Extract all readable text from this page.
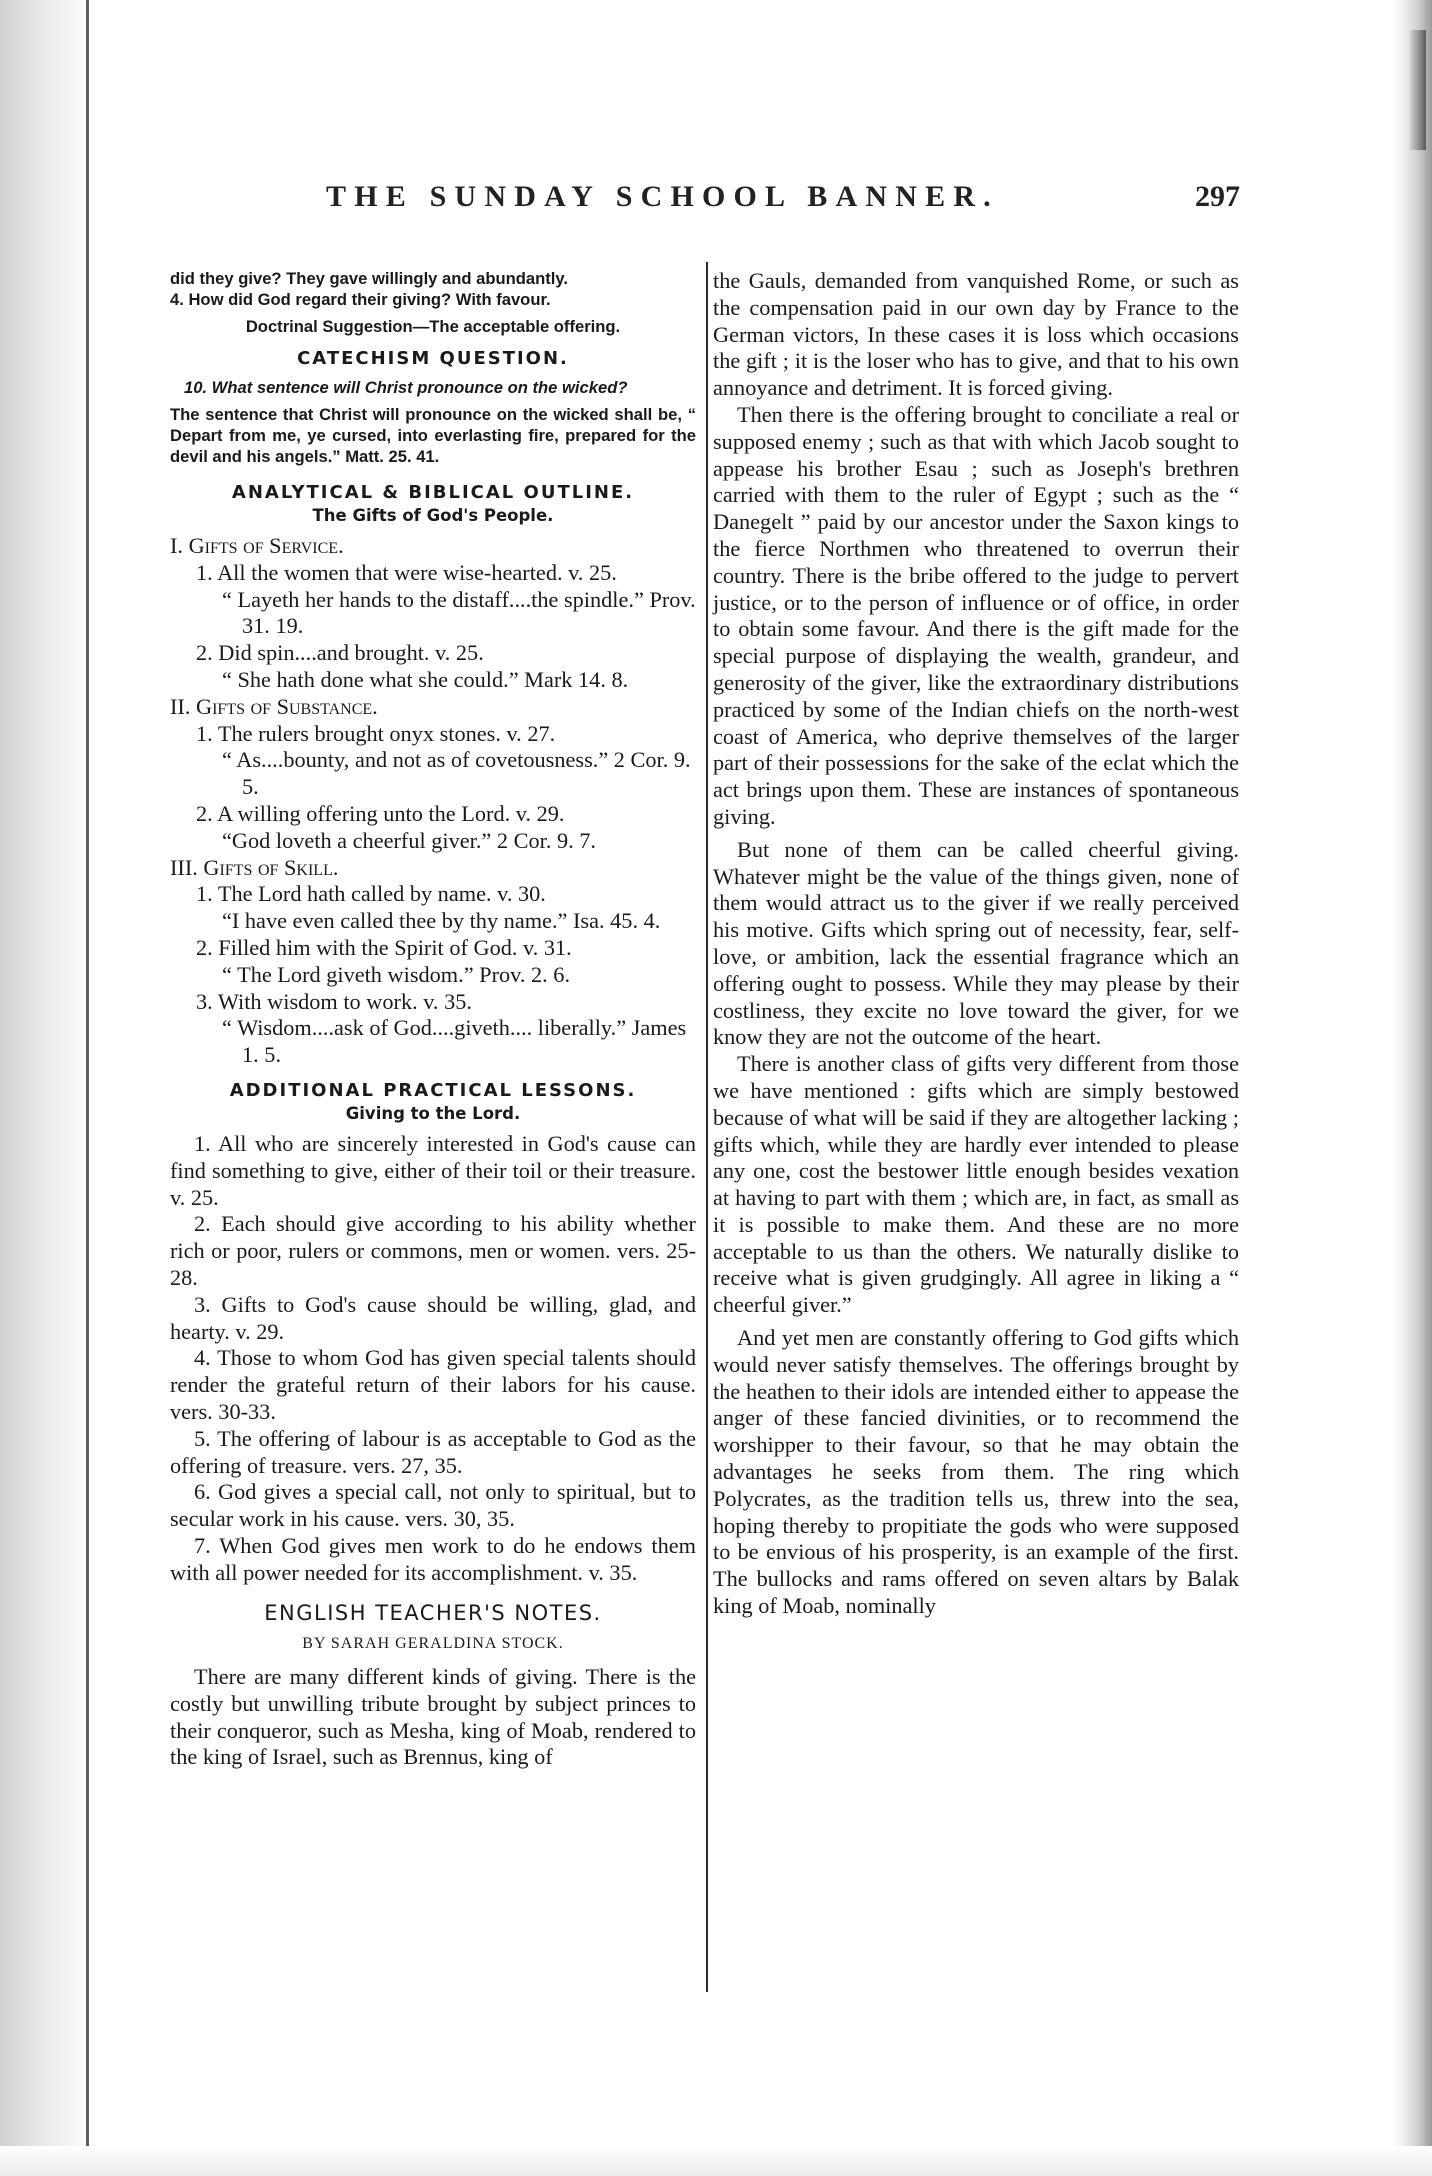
THE SUNDAY SCHOOL BANNER.	297

did they give? They gave willingly and abundantly.

4. How did God regard their giving? With favour.

Doctrinal Suggestion—The acceptable offering.

CATECHISM QUESTION.

10. What sentence will Christ pronounce on the wicked?

The sentence that Christ will pronounce on the wicked shall be, “ Depart from me, ye cursed, into everlasting fire, prepared for the devil and his angels.” Matt. 25. 41.

ANALYTICAL & BIBLICAL OUTLINE.

The Gifts of God's People.

I. Gifts of Service.

1. All the women that were wise-hearted. v. 25.

“ Layeth her hands to the distaff....the spindle.” Prov. 31. 19.

2. Did spin....and brought. v. 25.

“ She hath done what she could.” Mark 14. 8.

II. Gifts of Substance.

1. The rulers brought onyx stones. v. 27.

“ As....bounty, and not as of covetousness.” 2 Cor. 9. 5.

2. A willing offering unto the Lord. v. 29.

“God loveth a cheerful giver.” 2 Cor. 9. 7.

III. Gifts of Skill.

1. The Lord hath called by name. v. 30.

“I have even called thee by thy name.” Isa. 45. 4.

2. Filled him with the Spirit of God. v. 31.

“ The Lord giveth wisdom.” Prov. 2. 6.

3. With wisdom to work. v. 35.

“ Wisdom....ask of God....giveth.... liberally.” James 1. 5.

ADDITIONAL PRACTICAL LESSONS.

Giving to the Lord.

1. All who are sincerely interested in God's cause can find something to give, either of their toil or their treasure. v. 25.

2. Each should give according to his ability whether rich or poor, rulers or commons, men or women. vers. 25-28.

3. Gifts to God's cause should be willing, glad, and hearty. v. 29.

4. Those to whom God has given special talents should render the grateful return of their labors for his cause. vers. 30-33.

5. The offering of labour is as acceptable to God as the offering of treasure. vers. 27, 35.

6. God gives a special call, not only to spiritual, but to secular work in his cause. vers. 30, 35.

7. When God gives men work to do he endows them with all power needed for its accomplishment. v. 35.

ENGLISH TEACHER'S NOTES.

BY SARAH GERALDINA STOCK.

There are many different kinds of giving. There is the costly but unwilling tribute brought by subject princes to their conqueror, such as Mesha, king of Moab, rendered to the king of Israel, such as Brennus, king of

the Gauls, demanded from vanquished Rome, or such as the compensation paid in our own day by France to the German victors, In these cases it is loss which occasions the gift ; it is the loser who has to give, and that to his own annoyance and detriment. It is forced giving.

Then there is the offering brought to conciliate a real or supposed enemy ; such as that with which Jacob sought to appease his brother Esau ; such as Joseph's brethren carried with them to the ruler of Egypt ; such as the “ Danegelt ” paid by our ancestor under the Saxon kings to the fierce Northmen who threatened to overrun their country. There is the bribe offered to the judge to pervert justice, or to the person of influence or of office, in order to obtain some favour. And there is the gift made for the special purpose of displaying the wealth, grandeur, and generosity of the giver, like the extraordinary distributions practiced by some of the Indian chiefs on the north-west coast of America, who deprive themselves of the larger part of their possessions for the sake of the eclat which the act brings upon them. These are instances of spontaneous giving.

But none of them can be called cheerful giving. Whatever might be the value of the things given, none of them would attract us to the giver if we really perceived his motive. Gifts which spring out of necessity, fear, self-love, or ambition, lack the essential fragrance which an offering ought to possess. While they may please by their costliness, they excite no love toward the giver, for we know they are not the outcome of the heart.

There is another class of gifts very different from those we have mentioned : gifts which are simply bestowed because of what will be said if they are altogether lacking ; gifts which, while they are hardly ever intended to please any one, cost the bestower little enough besides vexation at having to part with them ; which are, in fact, as small as it is possible to make them. And these are no more acceptable to us than the others. We naturally dislike to receive what is given grudgingly. All agree in liking a “ cheerful giver.”

And yet men are constantly offering to God gifts which would never satisfy themselves. The offerings brought by the heathen to their idols are intended either to appease the anger of these fancied divinities, or to recommend the worshipper to their favour, so that he may obtain the advantages he seeks from them. The ring which Polycrates, as the tradition tells us, threw into the sea, hoping thereby to propitiate the gods who were supposed to be envious of his prosperity, is an example of the first. The bullocks and rams offered on seven altars by Balak king of Moab, nominally
